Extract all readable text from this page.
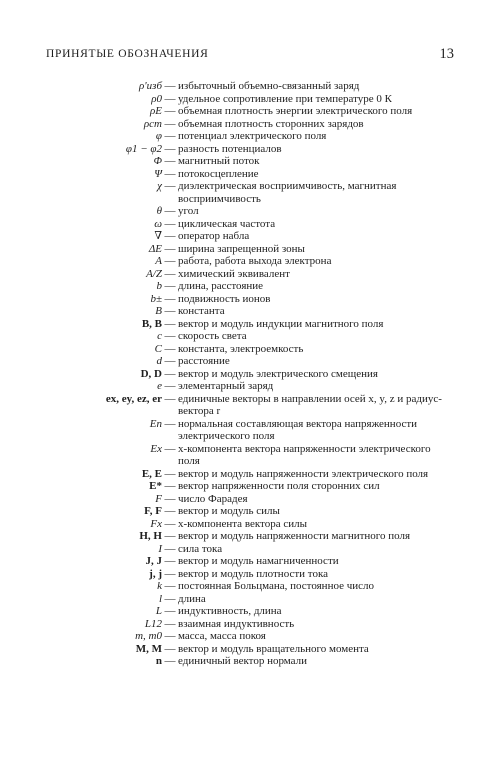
ПРИНЯТЫЕ ОБОЗНАЧЕНИЯ	13
ρ'изб — избыточный объемно-связанный заряд
ρ0 — удельное сопротивление при температуре 0 К
ρE — объемная плотность энергии электрического поля
ρст — объемная плотность сторонних зарядов
φ — потенциал электрического поля
φ1 − φ2 — разность потенциалов
Φ — магнитный поток
Ψ — потокосцепление
χ — диэлектрическая восприимчивость, магнитная восприимчивость
θ — угол
ω — циклическая частота
∇ — оператор набла
ΔE — ширина запрещенной зоны
A — работа, работа выхода электрона
A/Z — химический эквивалент
b — длина, расстояние
b± — подвижность ионов
B — константа
B, B — вектор и модуль индукции магнитного поля
c — скорость света
C — константа, электроемкость
d — расстояние
D, D — вектор и модуль электрического смещения
e — элементарный заряд
ex, ey, ez, er — единичные векторы в направлении осей x, y, z и радиус-вектора r
En — нормальная составляющая вектора напряженности электрического поля
Ex — x-компонента вектора напряженности электрического поля
E, E — вектор и модуль напряженности электрического поля
E* — вектор напряженности поля сторонних сил
F — число Фарадея
F, F — вектор и модуль силы
Fx — x-компонента вектора силы
H, H — вектор и модуль напряженности магнитного поля
I — сила тока
J, J — вектор и модуль намагниченности
j, j — вектор и модуль плотности тока
k — постоянная Больцмана, постоянное число
l — длина
L — индуктивность, длина
L12 — взаимная индуктивность
m, m0 — масса, масса покоя
M, M — вектор и модуль вращательного момента
n — единичный вектор нормали
